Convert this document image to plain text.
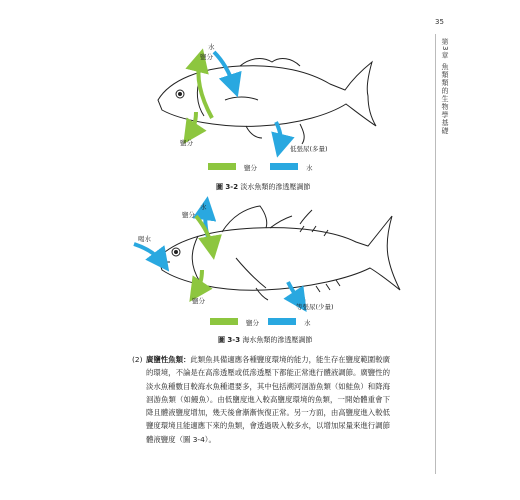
35
第3章 魚類類的生物學基礎
鹽分
水
鹽分
低張尿(多量)
鹽分	水
圖 3-2 淡水魚類的滲透壓調節
鹽分
水
喝水
鹽分
等張尿(少量)
鹽分	水
圖 3-3 海水魚類的滲透壓調節
(2) 廣鹽性魚類：此類魚具備適應各種鹽度環境的能力，能生存在鹽度範圍較廣的環境，不論是在高滲透壓或低滲透壓下都能正常進行體液調節。廣鹽性的淡水魚種數目較海水魚種還要多，其中包括溯河洄游魚類（如鮭魚）和降海洄游魚類（如鰻魚）。由低鹽度進入較高鹽度環境的魚類，一開始體重會下降且體液鹽度增加，幾天後會漸漸恢復正常。另一方面，由高鹽度進入較低鹽度環境且能適應下來的魚類，會透過吸入較多水，以增加尿量來進行調節體液鹽度（圖 3-4）。
